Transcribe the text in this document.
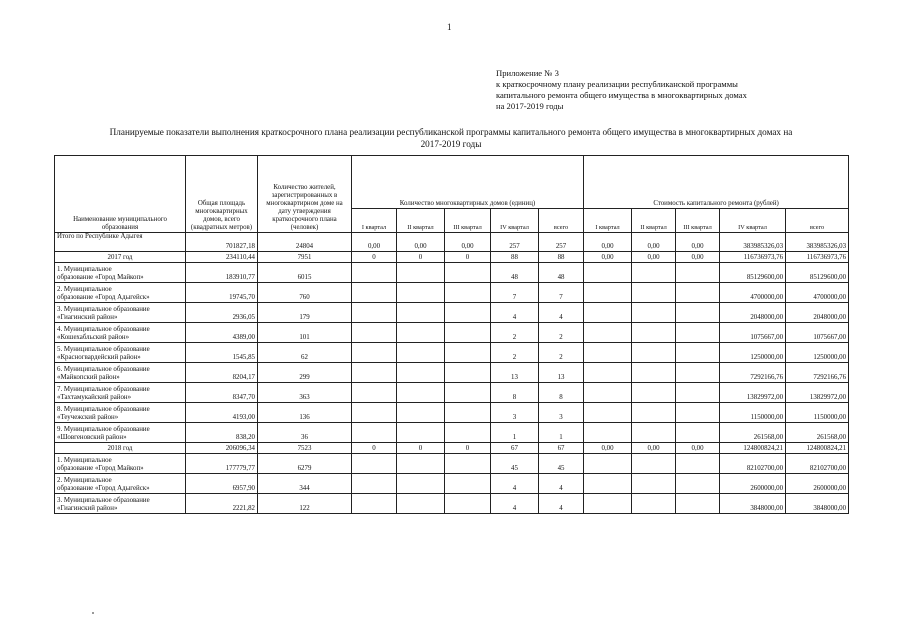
1
Приложение № 3
к краткосрочному плану реализации республиканской программы
капитального ремонта общего имущества в многоквартирных домах
на 2017-2019 годы
Планируемые показатели выполнения краткосрочного плана реализации республиканской программы капитального ремонта общего имущества в многоквартирных домах на
2017-2019 годы
Наименование муниципального образования	Общая площадь многоквартирных домов, всего (квадратных метров)	Количество жителей, зарегистрированных в многоквартирном доме на дату утверждения краткосрочного плана (человек)	Количество многоквартирных домов (единиц)					Стоимость капитального ремонта (рублей)				
			I квартал	II квартал	III квартал	IV квартал	всего	I квартал	II квартал	III квартал	IV квартал	всего
Итого по Республике Адыгея	701827,18	24804	0,00	0,00	0,00	257	257	0,00	0,00	0,00	383985326,03	383985326,03
2017 год	234110,44	7951	0	0	0	88	88	0,00	0,00	0,00	116736973,76	116736973,76

1. Муниципальное
образование «Город Майкоп»	183910,77	6015				48	48				85129600,00	85129600,00

2. Муниципальное
образование «Город Адыгейск»	19745,70	760				7	7				4700000,00	4700000,00

3. Муниципальное образование
«Гиагинский район»	2936,05	179				4	4				2048000,00	2048000,00

4. Муниципальное образование
«Кошехабльский район»	4389,00	101				2	2				1075667,00	1075667,00

5. Муниципальное образование
«Красногвардейский район»	1545,85	62				2	2				1250000,00	1250000,00

6. Муниципальное образование
«Майкопский район»	8204,17	299				13	13				7292166,76	7292166,76

7. Муниципальное образование
«Тахтамукайский район»	8347,70	363				8	8				13829972,00	13829972,00

8. Муниципальное образование
«Теучежский район»	4193,00	136				3	3				1150000,00	1150000,00

9. Муниципальное образование
«Шовгеновский район»	838,20	36				1	1				261568,00	261568,00
2018 год	206096,34	7523	0	0	0	67	67	0,00	0,00	0,00	124800824,21	124800824,21

1. Муниципальное
образование «Город Майкоп»	177779,77	6279				45	45				82102700,00	82102700,00

2. Муниципальное
образование «Город Адыгейск»	6957,90	344				4	4				2600000,00	2600000,00

3. Муниципальное образование
«Гиагинский район»	2221,82	122				4	4				3848000,00	3848000,00
